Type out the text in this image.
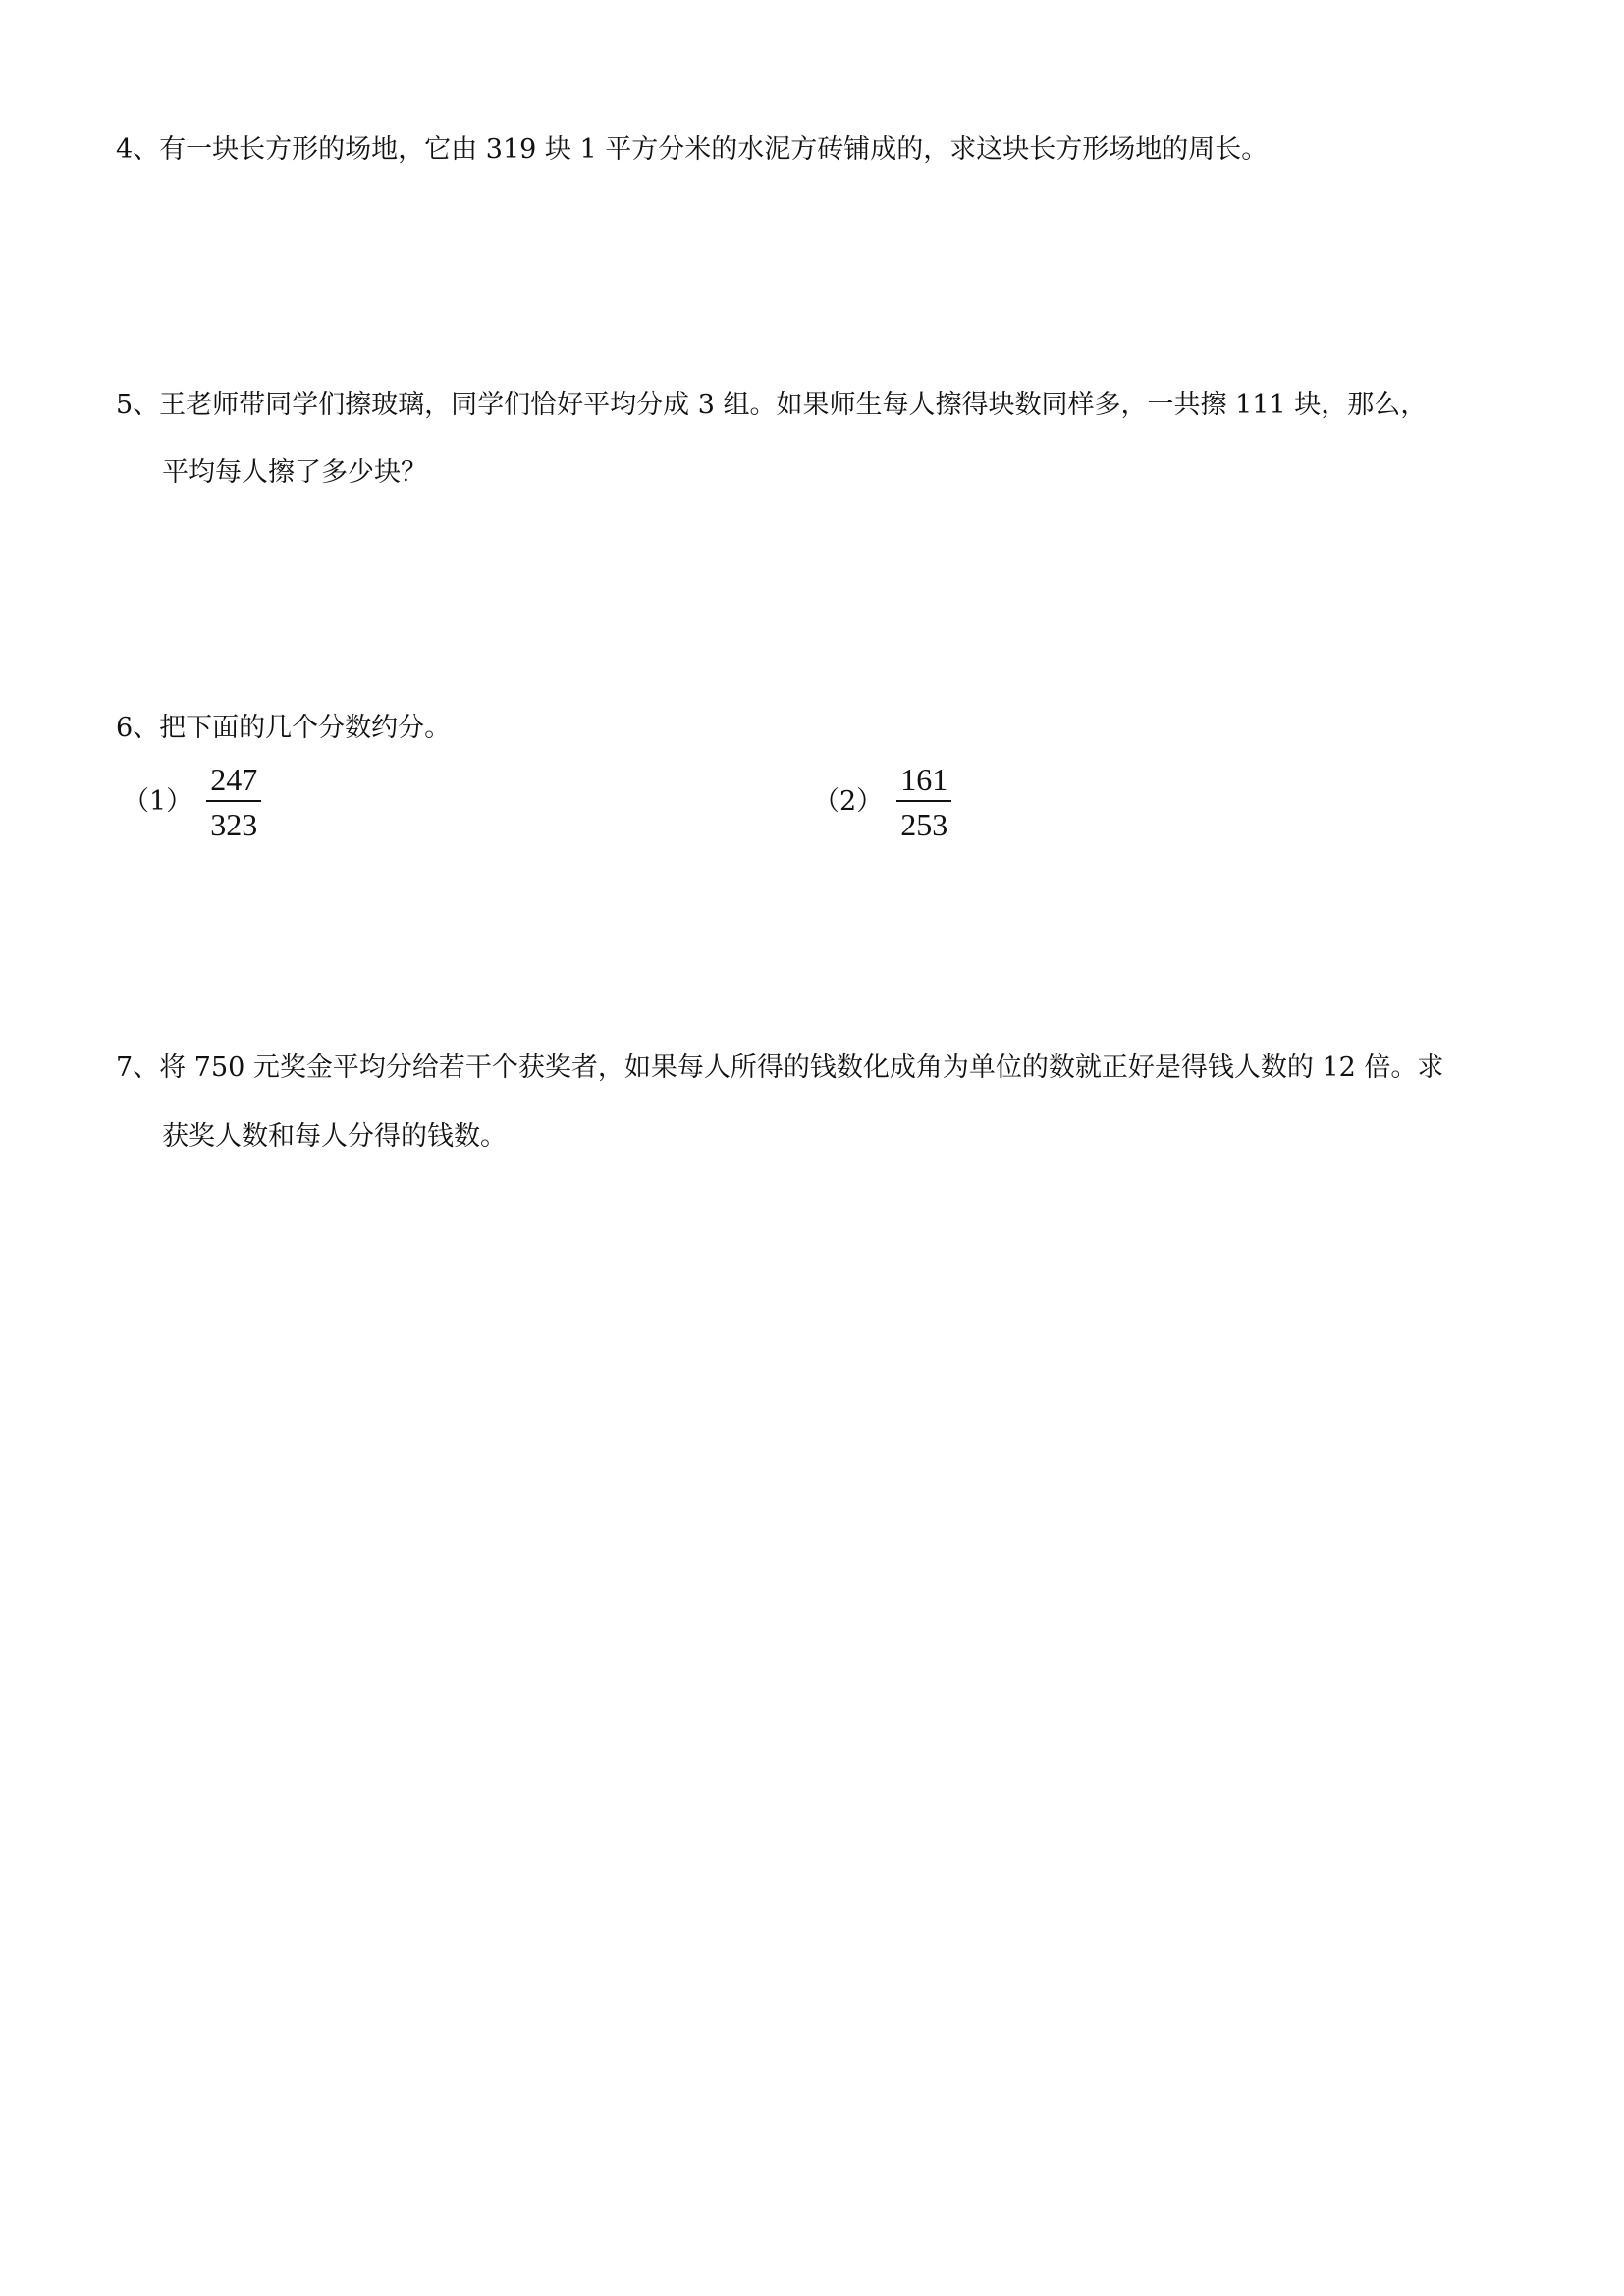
4、有一块长方形的场地，它由 319 块 1 平方分米的水泥方砖铺成的，求这块长方形场地的周长。
5、王老师带同学们擦玻璃，同学们恰好平均分成 3 组。如果师生每人擦得块数同样多，一共擦 111 块，那么，
平均每人擦了多少块？
6、把下面的几个分数约分。
$(1) \frac{247}{323}$	$(2) \frac{161}{253}$
7、将 750 元奖金平均分给若干个获奖者，如果每人所得的钱数化成角为单位的数就正好是得钱人数的 12 倍。求
获奖人数和每人分得的钱数。
